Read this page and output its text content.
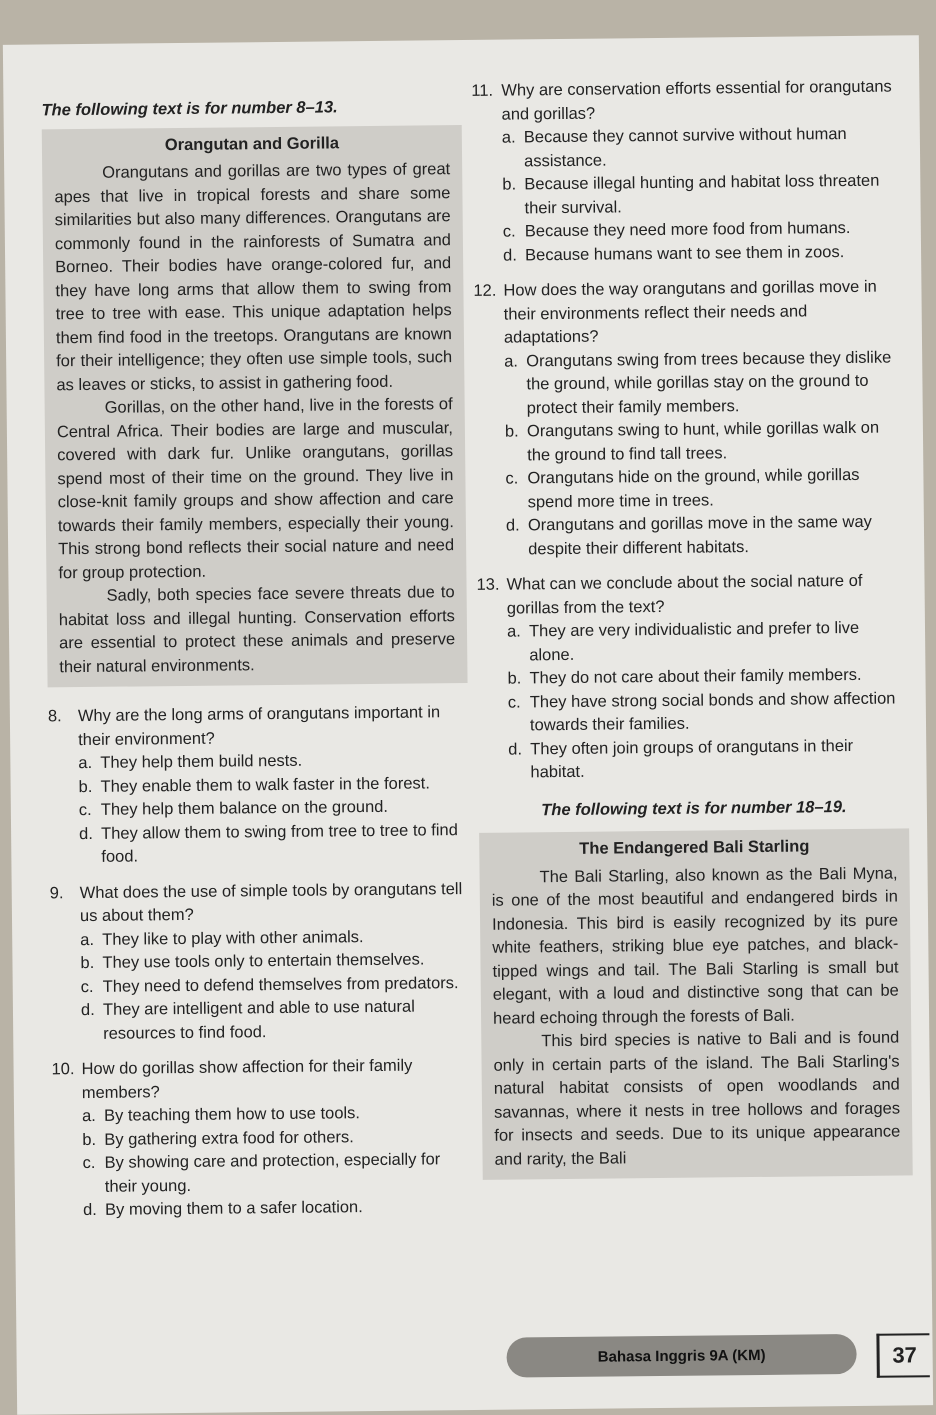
The following text is for number 8–13.

Orangutan and Gorilla

Orangutans and gorillas are two types of great apes that live in tropical forests and share some similarities but also many differences. Orangutans are commonly found in the rainforests of Sumatra and Borneo. Their bodies have orange-colored fur, and they have long arms that allow them to swing from tree to tree with ease. This unique adaptation helps them find food in the treetops. Orangutans are known for their intelligence; they often use simple tools, such as leaves or sticks, to assist in gathering food.

Gorillas, on the other hand, live in the forests of Central Africa. Their bodies are large and muscular, covered with dark fur. Unlike orangutans, gorillas spend most of their time on the ground. They live in close-knit family groups and show affection and care towards their family members, especially their young. This strong bond reflects their social nature and need for group protection.

Sadly, both species face severe threats due to habitat loss and illegal hunting. Conservation efforts are essential to protect these animals and preserve their natural environments.

8. Why are the long arms of orangutans important in their environment?
a. They help them build nests.
b. They enable them to walk faster in the forest.
c. They help them balance on the ground.
d. They allow them to swing from tree to tree to find food.
9. What does the use of simple tools by orangutans tell us about them?
a. They like to play with other animals.
b. They use tools only to entertain themselves.
c. They need to defend themselves from predators.
d. They are intelligent and able to use natural resources to find food.
10. How do gorillas show affection for their family members?
a. By teaching them how to use tools.
b. By gathering extra food for others.
c. By showing care and protection, especially for their young.
d. By moving them to a safer location.
11. Why are conservation efforts essential for orangutans and gorillas?
a. Because they cannot survive without human assistance.
b. Because illegal hunting and habitat loss threaten their survival.
c. Because they need more food from humans.
d. Because humans want to see them in zoos.
12. How does the way orangutans and gorillas move in their environments reflect their needs and adaptations?
a. Orangutans swing from trees because they dislike the ground, while gorillas stay on the ground to protect their family members.
b. Orangutans swing to hunt, while gorillas walk on the ground to find tall trees.
c. Orangutans hide on the ground, while gorillas spend more time in trees.
d. Orangutans and gorillas move in the same way despite their different habitats.
13. What can we conclude about the social nature of gorillas from the text?
a. They are very individualistic and prefer to live alone.
b. They do not care about their family members.
c. They have strong social bonds and show affection towards their families.
d. They often join groups of orangutans in their habitat.

The following text is for number 18–19.

The Endangered Bali Starling

The Bali Starling, also known as the Bali Myna, is one of the most beautiful and endangered birds in Indonesia. This bird is easily recognized by its pure white feathers, striking blue eye patches, and black-tipped wings and tail. The Bali Starling is small but elegant, with a loud and distinctive song that can be heard echoing through the forests of Bali.

This bird species is native to Bali and is found only in certain parts of the island. The Bali Starling's natural habitat consists of open woodlands and savannas, where it nests in tree hollows and forages for insects and seeds. Due to its unique appearance and rarity, the Bali

Bahasa Inggris 9A (KM)	37
